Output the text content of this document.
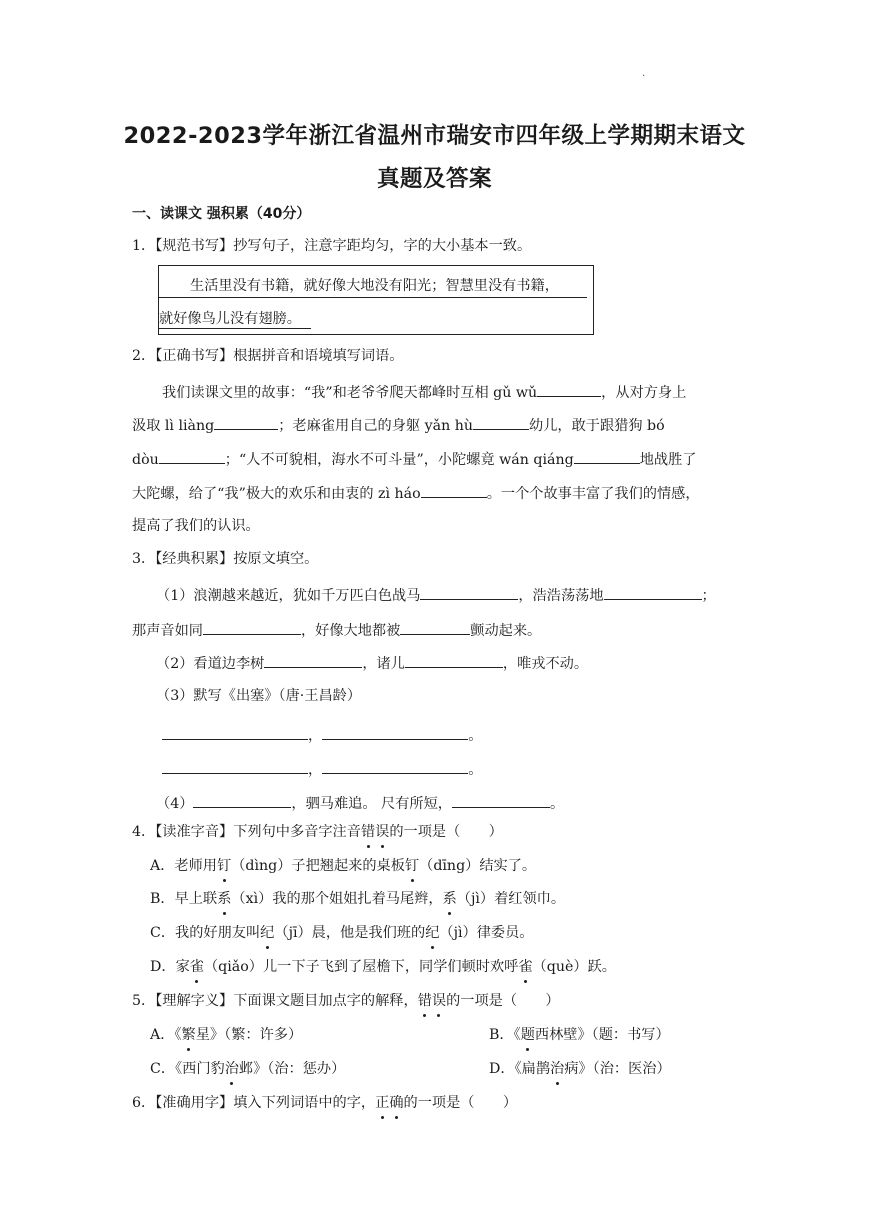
.
2022-2023学年浙江省温州市瑞安市四年级上学期期末语文
真题及答案
一、读课文 强积累（40分）
1．【规范书写】抄写句子，注意字距均匀，字的大小基本一致。
生活里没有书籍，就好像大地没有阳光；智慧里没有书籍，
就好像鸟儿没有翅膀。
2．【正确书写】根据拼音和语境填写词语。
我们读课文里的故事：“我”和老爷爷爬天都峰时互相 gǔ wǔ	，从对方身上
汲取 lì liàng	；老麻雀用自己的身躯 yǎn hù	幼儿，敢于跟猎狗 bó
dòu	；“人不可貌相，海水不可斗量”，小陀螺竟 wán qiáng	地战胜了
大陀螺，给了“我”极大的欢乐和由衷的 zì háo	。一个个故事丰富了我们的情感，
提高了我们的认识。
3．【经典积累】按原文填空。
（1）浪潮越来越近，犹如千万匹白色战马	，浩浩荡荡地	；
那声音如同	，好像大地都被	颤动起来。
（2）看道边李树	，诸儿	，唯戎不动。
（3）默写《出塞》（唐·王昌龄）
，	。
，	。
（4）	，驷马难追。 尺有所短，	。
4．【读准字音】下列句中多音字注音错误的一项是（　　）
A．老师用钉（dìng）子把翘起来的桌板钉（dīng）结实了。
B．早上联系（xì）我的那个姐姐扎着马尾辫，系（jì）着红领巾。
C．我的好朋友叫纪（jī）晨，他是我们班的纪（jì）律委员。
D．家雀（qiǎo）儿一下子飞到了屋檐下，同学们顿时欢呼雀（què）跃。
5．【理解字义】下面课文题目加点字的解释，错误的一项是（　　）
A．《繁星》（繁：许多）	B．《题西林壁》（题：书写）
C．《西门豹治邺》（治：惩办）	D．《扁鹊治病》（治：医治）
6．【准确用字】填入下列词语中的字，正确的一项是（　　）
